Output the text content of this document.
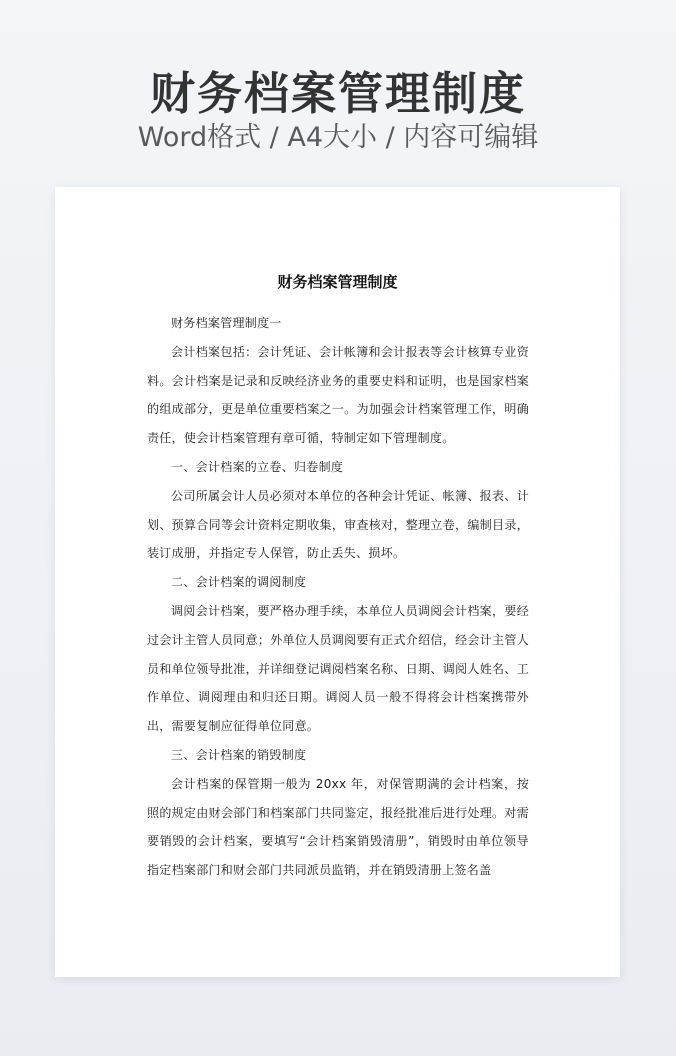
财务档案管理制度
Word格式 / A4大小 / 内容可编辑
财务档案管理制度

财务档案管理制度一

会计档案包括：会计凭证、会计帐簿和会计报表等会计核算专业资料。会计档案是记录和反映经济业务的重要史料和证明，也是国家档案的组成部分，更是单位重要档案之一。为加强会计档案管理工作，明确责任，使会计档案管理有章可循，特制定如下管理制度。

一、会计档案的立卷、归卷制度

公司所属会计人员必须对本单位的各种会计凭证、帐簿、报表、计划、预算合同等会计资料定期收集，审查核对，整理立卷，编制目录，装订成册，并指定专人保管，防止丢失、损坏。

二、会计档案的调阅制度

调阅会计档案，要严格办理手续，本单位人员调阅会计档案，要经过会计主管人员同意；外单位人员调阅要有正式介绍信，经会计主管人员和单位领导批准，并详细登记调阅档案名称、日期、调阅人姓名、工作单位、调阅理由和归还日期。调阅人员一般不得将会计档案携带外出，需要复制应征得单位同意。

三、会计档案的销毁制度

会计档案的保管期一般为 20xx 年，对保管期满的会计档案，按照的规定由财会部门和档案部门共同鉴定，报经批准后进行处理。对需要销毁的会计档案，要填写“会计档案销毁清册”，销毁时由单位领导指定档案部门和财会部门共同派员监销，并在销毁清册上签名盖
